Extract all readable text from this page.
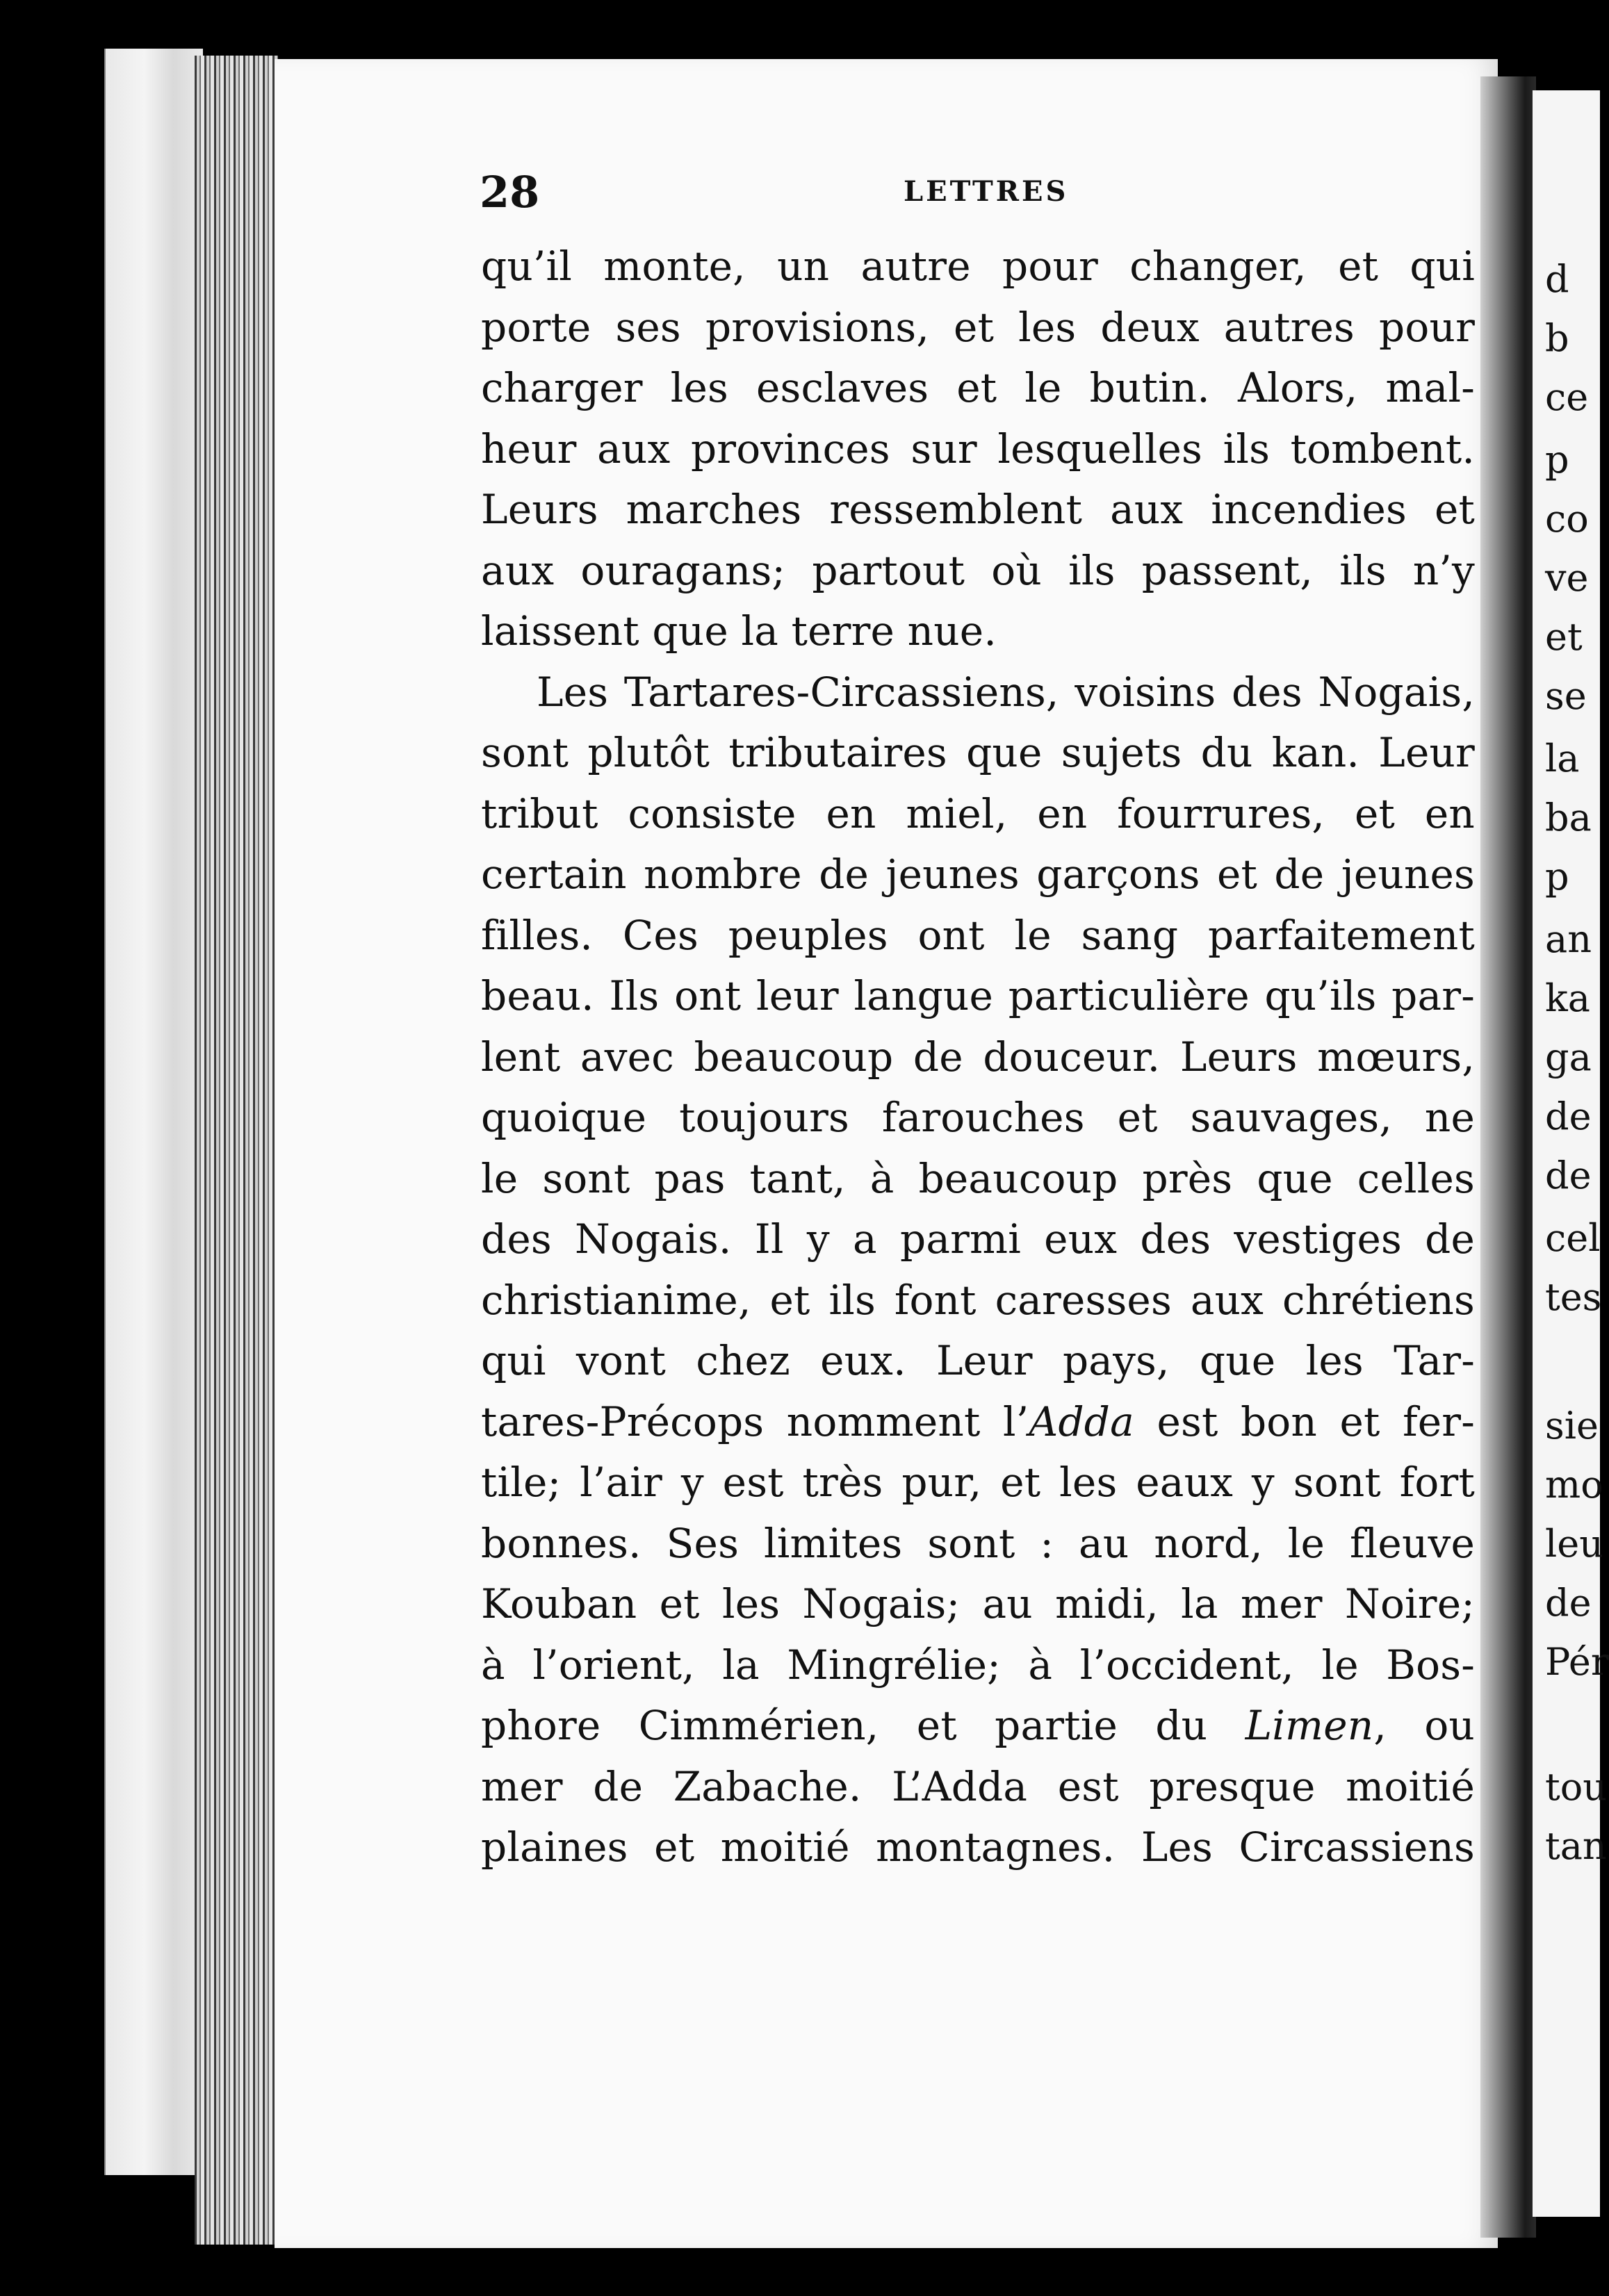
28	LETTRES
qu’il monte, un autre pour changer, et qui
porte ses provisions, et les deux autres pour
charger les esclaves et le butin. Alors, mal-
heur aux provinces sur lesquelles ils tombent.
Leurs marches ressemblent aux incendies et
aux ouragans; partout où ils passent, ils n’y
laissent que la terre nue.
Les Tartares-Circassiens, voisins des Nogais,
sont plutôt tributaires que sujets du kan. Leur
tribut consiste en miel, en fourrures, et en
certain nombre de jeunes garçons et de jeunes
filles. Ces peuples ont le sang parfaitement
beau. Ils ont leur langue particulière qu’ils par-
lent avec beaucoup de douceur. Leurs mœurs,
quoique toujours farouches et sauvages, ne
le sont pas tant, à beaucoup près que celles
des Nogais. Il y a parmi eux des vestiges de
christianime, et ils font caresses aux chrétiens
qui vont chez eux. Leur pays, que les Tar-
tares-Précops nomment l’Adda est bon et fer-
tile; l’air y est très pur, et les eaux y sont fort
bonnes. Ses limites sont : au nord, le fleuve
Kouban et les Nogais; au midi, la mer Noire;
à l’orient, la Mingrélie; à l’occident, le Bos-
phore Cimmérien, et partie du Limen, ou
mer de Zabache. L’Adda est presque moitié
plaines et moitié montagnes. Les Circassiens
d
b
ce
p
co
ve
et
se
la
ba
p
an
ka
ga
de
de
cel
tes
sie
mo
leu
de
Pér
tou
tan
